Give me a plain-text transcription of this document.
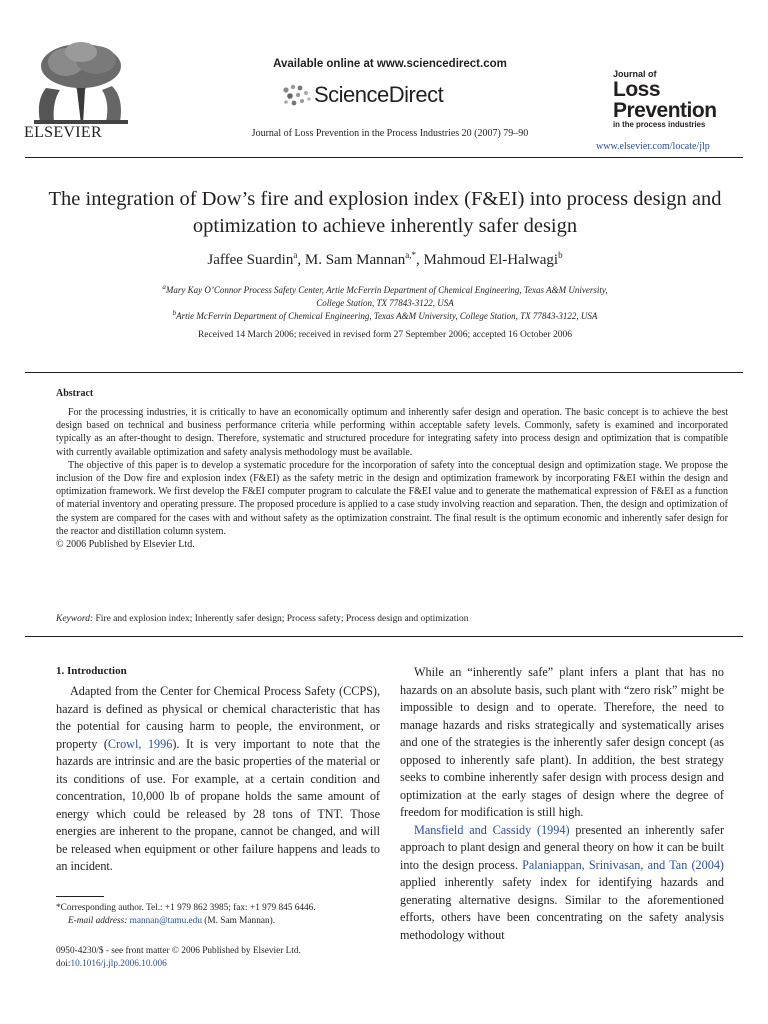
ELSEVIER
Available online at www.sciencedirect.com
ScienceDirect
Journal of Loss Prevention in the Process Industries 20 (2007) 79–90
Journal of
Loss
Prevention
in the process industries
www.elsevier.com/locate/jlp
The integration of Dow’s fire and explosion index (F&EI) into process design and optimization to achieve inherently safer design
Jaffee Suardin$^a$, M. Sam Mannan$^{a,*}$, Mahmoud El-Halwagi$^b$
$^a$Mary Kay O’Connor Process Safety Center, Artie McFerrin Department of Chemical Engineering, Texas A&M University,
College Station, TX 77843-3122, USA
$^b$Artie McFerrin Department of Chemical Engineering, Texas A&M University, College Station, TX 77843-3122, USA
Received 14 March 2006; received in revised form 27 September 2006; accepted 16 October 2006
Abstract

For the processing industries, it is critically to have an economically optimum and inherently safer design and operation. The basic concept is to achieve the best design based on technical and business performance criteria while performing within acceptable safety levels. Commonly, safety is examined and incorporated typically as an after-thought to design. Therefore, systematic and structured procedure for integrating safety into process design and optimization that is compatible with currently available optimization and safety analysis methodology must be available.

The objective of this paper is to develop a systematic procedure for the incorporation of safety into the conceptual design and optimization stage. We propose the inclusion of the Dow fire and explosion index (F&EI) as the safety metric in the design and optimization framework by incorporating F&EI within the design and optimization framework. We first develop the F&EI computer program to calculate the F&EI value and to generate the mathematical expression of F&EI as a function of material inventory and operating pressure. The proposed procedure is applied to a case study involving reaction and separation. Then, the design and optimization of the system are compared for the cases with and without safety as the optimization constraint. The final result is the optimum economic and inherently safer design for the reactor and distillation column system.

© 2006 Published by Elsevier Ltd.

Keyword: Fire and explosion index; Inherently safer design; Process safety; Process design and optimization
1. Introduction

Adapted from the Center for Chemical Process Safety (CCPS), hazard is defined as physical or chemical characteristic that has the potential for causing harm to people, the environment, or property (Crowl, 1996). It is very important to note that the hazards are intrinsic and are the basic properties of the material or its conditions of use. For example, at a certain condition and concentration, 10,000 lb of propane holds the same amount of energy which could be released by 28 tons of TNT. Those energies are inherent to the propane, cannot be changed, and will be released when equipment or other failure happens and leads to an incident.

While an “inherently safe” plant infers a plant that has no hazards on an absolute basis, such plant with “zero risk” might be impossible to design and to operate. Therefore, the need to manage hazards and risks strategically and systematically arises and one of the strategies is the inherently safer design concept (as opposed to inherently safe plant). In addition, the best strategy seeks to combine inherently safer design with process design and optimization at the early stages of design where the degree of freedom for modification is still high.

Mansfield and Cassidy (1994) presented an inherently safer approach to plant design and general theory on how it can be built into the design process. Palaniappan, Srinivasan, and Tan (2004) applied inherently safety index for identifying hazards and generating alternative designs. Similar to the aforementioned efforts, others have been concentrating on the safety analysis methodology without

*Corresponding author. Tel.: +1 979 862 3985; fax: +1 979 845 6446.
E-mail address: mannan@tamu.edu (M. Sam Mannan).
0950-4230/$ - see front matter © 2006 Published by Elsevier Ltd.
doi:10.1016/j.jlp.2006.10.006
